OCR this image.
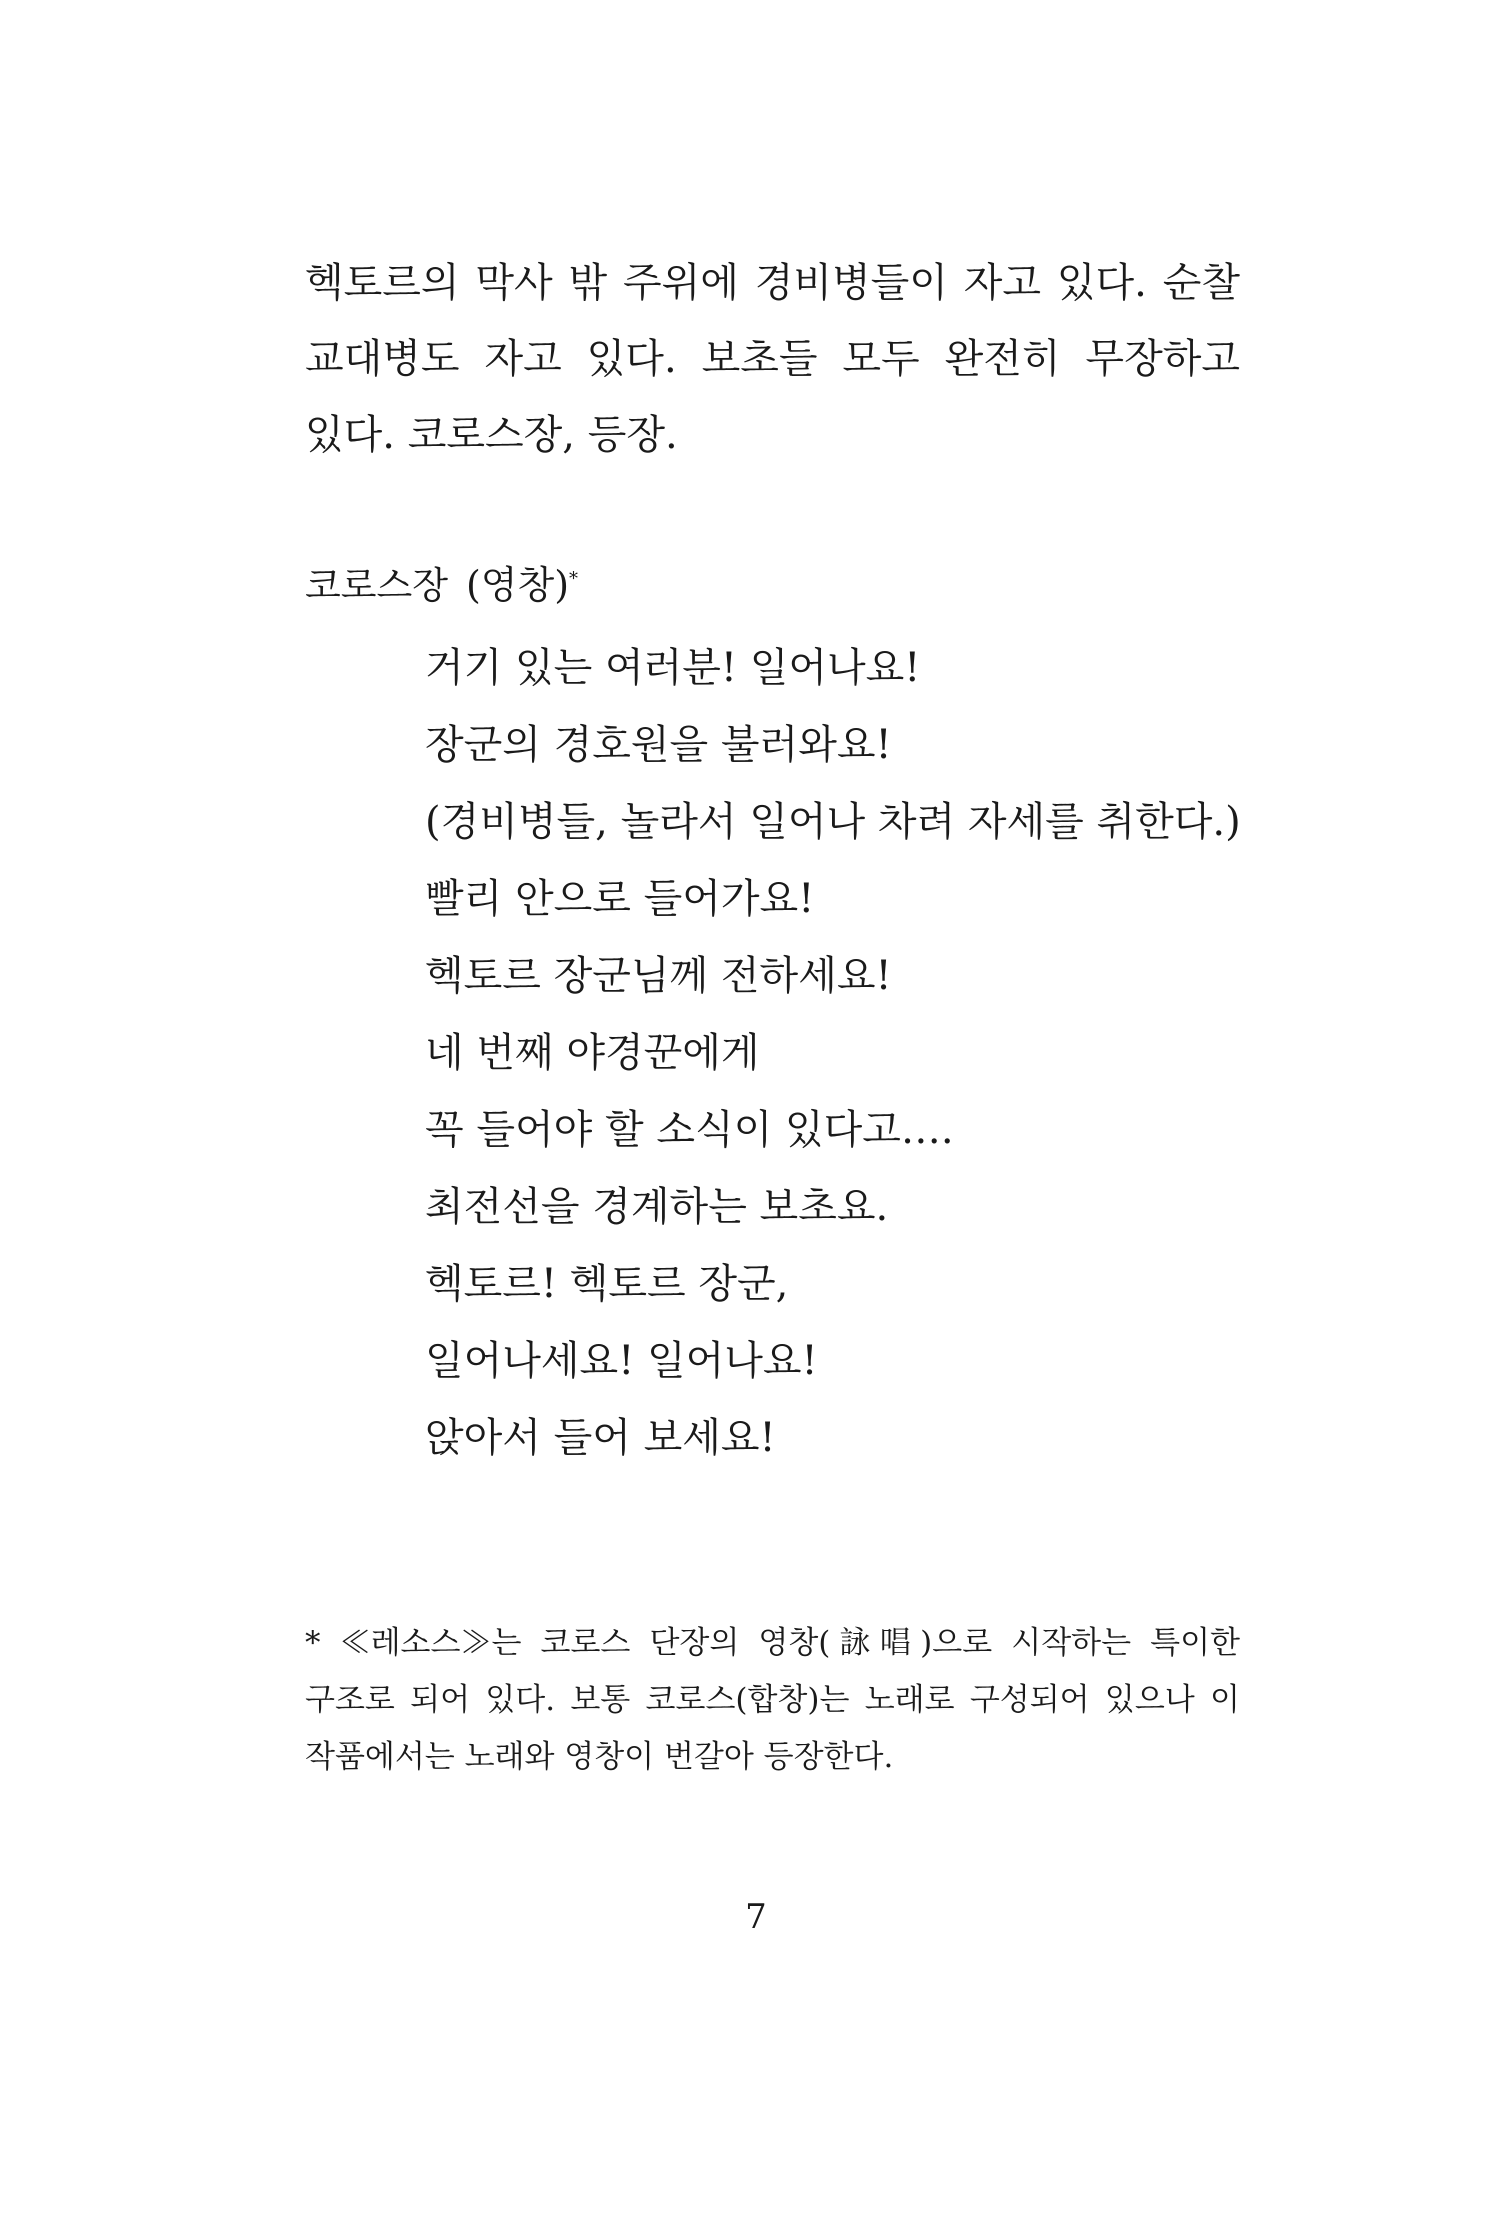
헥토르의 막사 밖 주위에 경비병들이 자고 있다. 순찰 교대병도 자고 있다. 보초들 모두 완전히 무장하고 있다. 코로스장, 등장.

코로스장 (영창)*
거기 있는 여러분! 일어나요!
장군의 경호원을 불러와요!
(경비병들, 놀라서 일어나 차려 자세를 취한다.)
빨리 안으로 들어가요!
헥토르 장군님께 전하세요!
네 번째 야경꾼에게
꼭 들어야 할 소식이 있다고….
최전선을 경계하는 보초요.
헥토르! 헥토르 장군,
일어나세요! 일어나요!
앉아서 들어 보세요!

* ≪레소스≫는 코로스 단장의 영창(詠唱)으로 시작하는 특이한 구조로 되어 있다. 보통 코로스(합창)는 노래로 구성되어 있으나 이 작품에서는 노래와 영창이 번갈아 등장한다.

7
